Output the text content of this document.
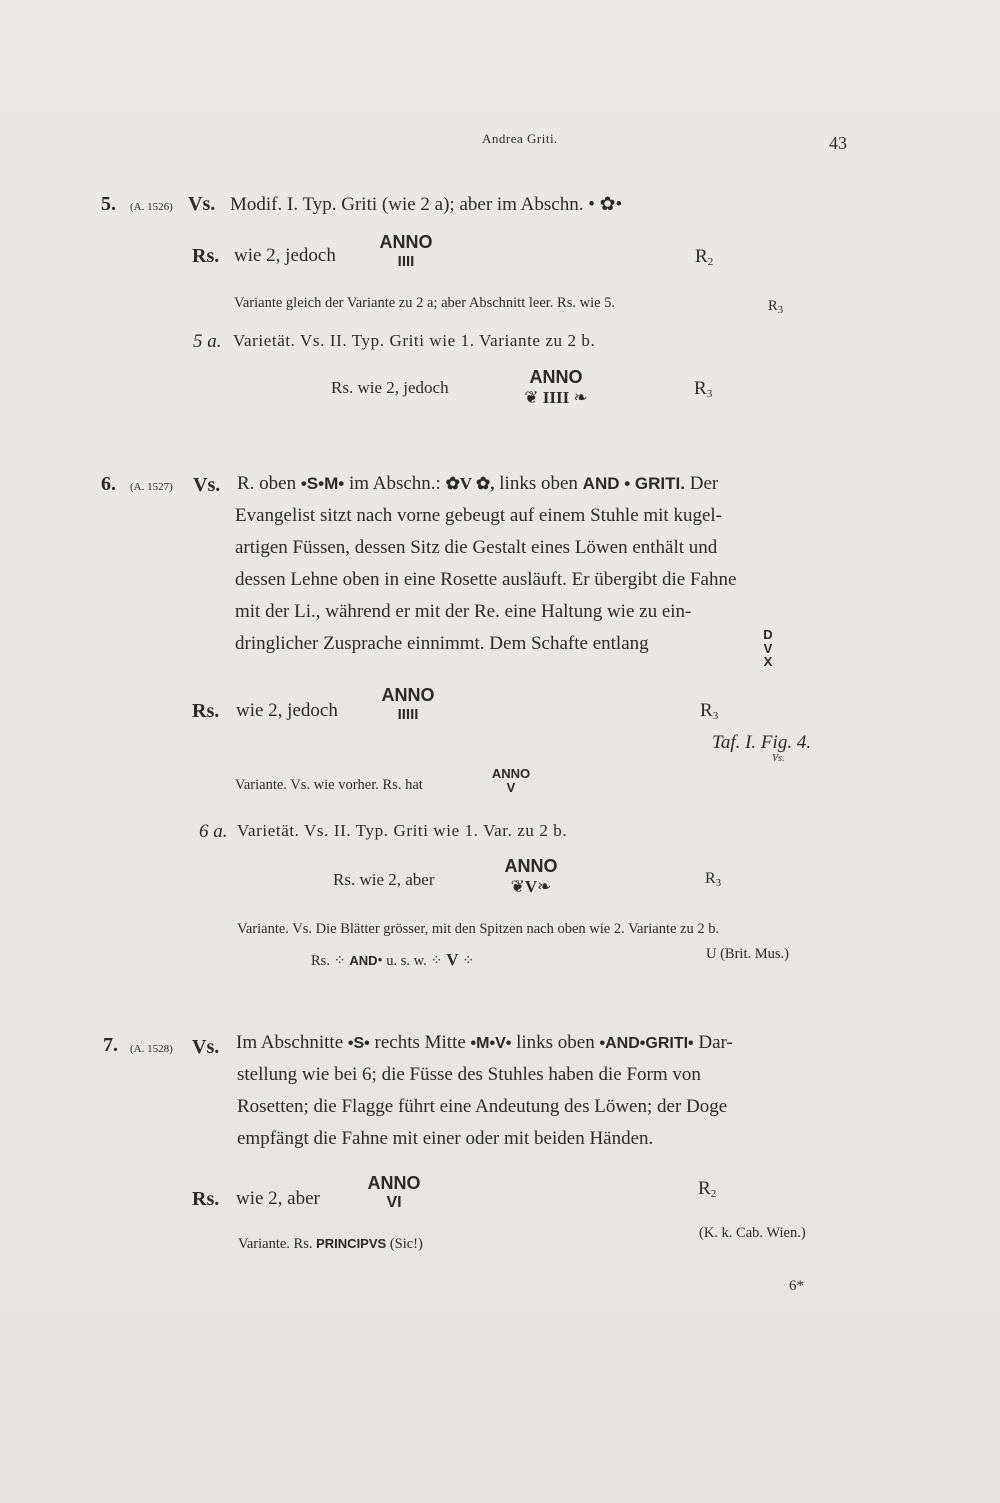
Andrea Griti.	43
5. (A. 1526) Vs. Modif. I. Typ. Griti (wie 2 a); aber im Abschn. • ✿•
Rs. wie 2, jedoch
ANNO
IIII	$R_2$
Variante gleich der Variante zu 2 a; aber Abschnitt leer. Rs. wie 5.	$R_3$
5 a. Varietät. Vs. II. Typ. Griti wie 1. Variante zu 2 b.
Rs. wie 2, jedoch
ANNO
❦ IIII ❧	$R_3$
6. (A. 1527) Vs. R. oben •S•M• im Abschn.: ✿V ✿, links oben AND • GRITI. Der
Evangelist sitzt nach vorne gebeugt auf einem Stuhle mit kugel-
artigen Füssen, dessen Sitz die Gestalt eines Löwen enthält und
dessen Lehne oben in eine Rosette ausläuft. Er übergibt die Fahne
mit der Li., während er mit der Re. eine Haltung wie zu ein-
dringlicher Zusprache einnimmt. Dem Schafte entlang	D
V
X
Rs. wie 2, jedoch
ANNO
IIIII	$R_3$
Taf. I. Fig. 4.
Vs.
Variante. Vs. wie vorher. Rs. hat
ANNO
V
6 a. Varietät. Vs. II. Typ. Griti wie 1. Var. zu 2 b.
Rs. wie 2, aber
ANNO
❦V❧	$R_3$
Variante. Vs. Die Blätter grösser, mit den Spitzen nach oben wie 2. Variante zu 2 b.
Rs. ⁘ AND• u. s. w. ⁘ V ⁘	U (Brit. Mus.)
7. (A. 1528) Vs. Im Abschnitte •S• rechts Mitte •M•V• links oben •AND•GRITI• Dar-
stellung wie bei 6; die Füsse des Stuhles haben die Form von
Rosetten; die Flagge führt eine Andeutung des Löwen; der Doge
empfängt die Fahne mit einer oder mit beiden Händen.
Rs. wie 2, aber
ANNO
VI
$R_2$
Variante. Rs. PRINCIPVS (Sic!)
(K. k. Cab. Wien.)
6*
